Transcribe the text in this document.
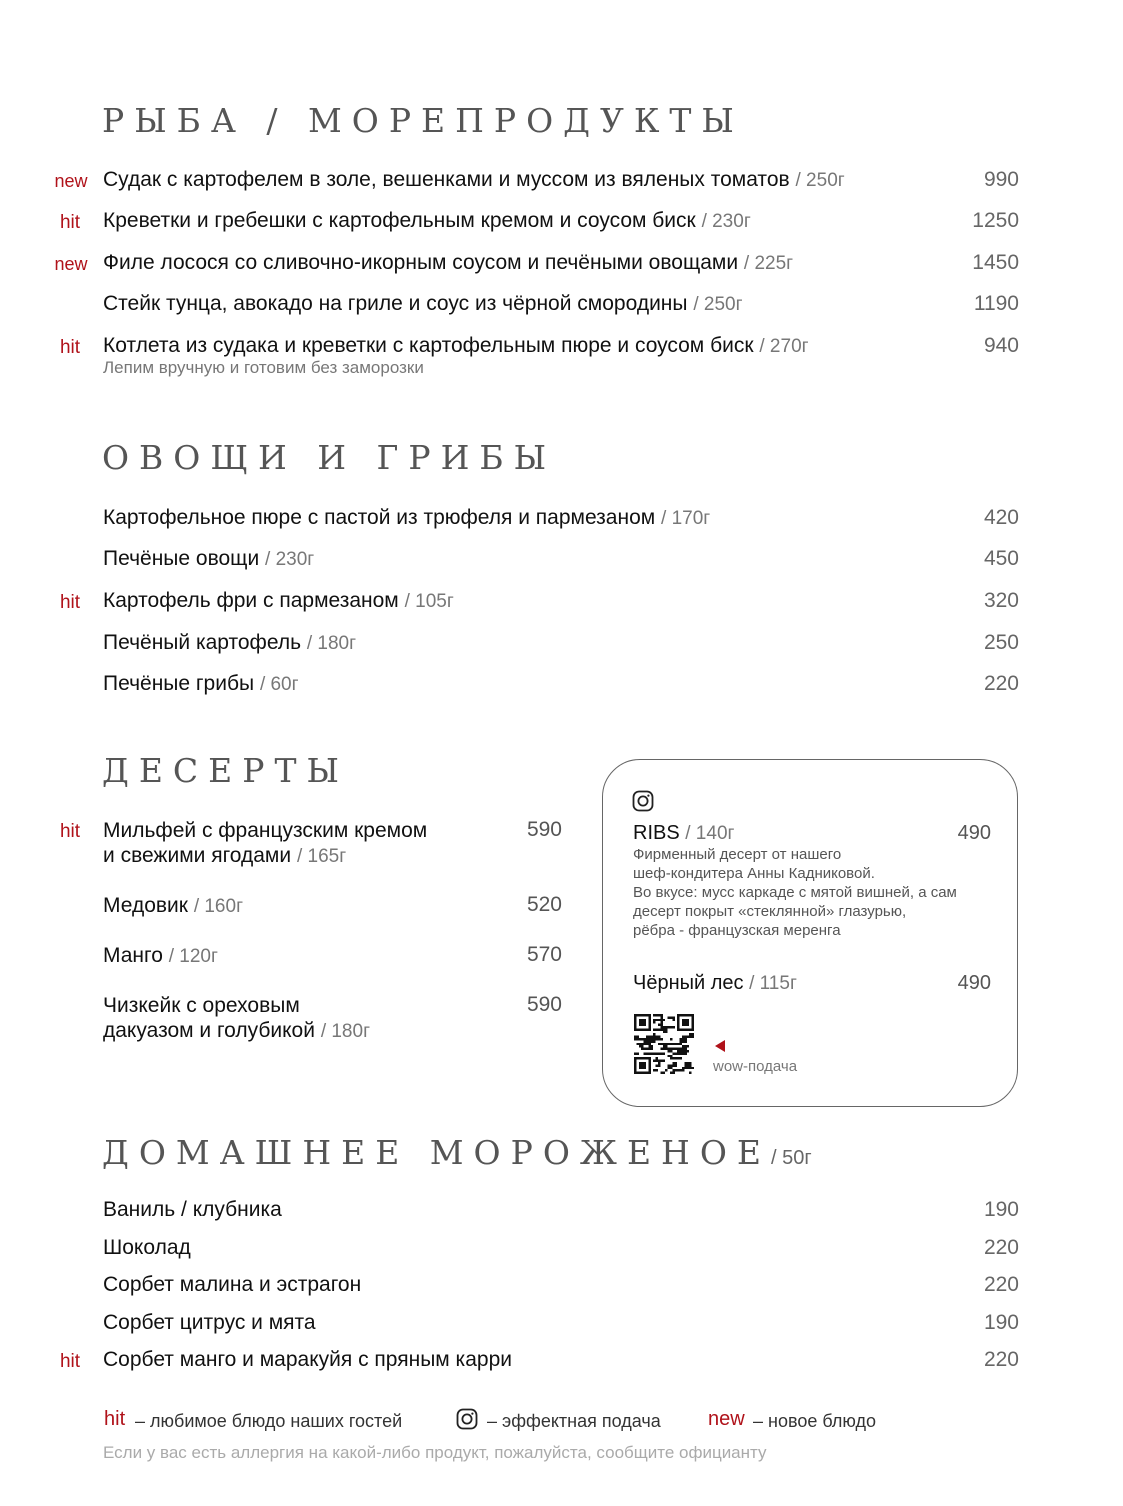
РЫБА / МОРЕПРОДУКТЫ
new Судак с картофелем в золе, вешенками и муссом из вяленых томатов / 250г	990
hit	Креветки и гребешки с картофельным кремом и соусом биск / 230г	1250
new Филе лосося со сливочно-икорным соусом и печёными овощами / 225г	1450
Стейк тунца, авокадо на гриле и соус из чёрной смородины / 250г	1190
hit	Котлета из судака и креветки с картофельным пюре и соусом биск / 270г	940
Лепим вручную и готовим без заморозки
ОВОЩИ И ГРИБЫ
Картофельное пюре с пастой из трюфеля и пармезаном / 170г	420
Печёные овощи / 230г	450
hit	Картофель фри с пармезаном / 105г	320
Печёный картофель / 180г	250
Печёные грибы / 60г	220
ДЕСЕРТЫ
hit	Мильфей с французским кремом
и свежими ягодами / 165г
590
Медовик / 160г	520
Манго / 120г	570
Чизкейк с ореховым
дакуазом и голубикой / 180г
590
RIBS / 140г	490
Фирменный десерт от нашего
шеф-кондитера Анны Кадниковой.
Во вкусе: мусс каркаде с мятой вишней, а сам
десерт покрыт «стеклянной» глазурью,
рёбра - французская меренга
Чёрный лес / 115г	490
wow-подача
ДОМАШНЕЕ МОРОЖЕНОЕ/ 50г
Ваниль / клубника	190
Шоколад	220
Сорбет малина и эстрагон	220
Сорбет цитрус и мята	190
hit	Сорбет манго и маракуйя с пряным карри	220
hit – любимое блюдо наших гостей	– эффектная подача new – новое блюдо
Если у вас есть аллергия на какой-либо продукт, пожалуйста, сообщите официанту
